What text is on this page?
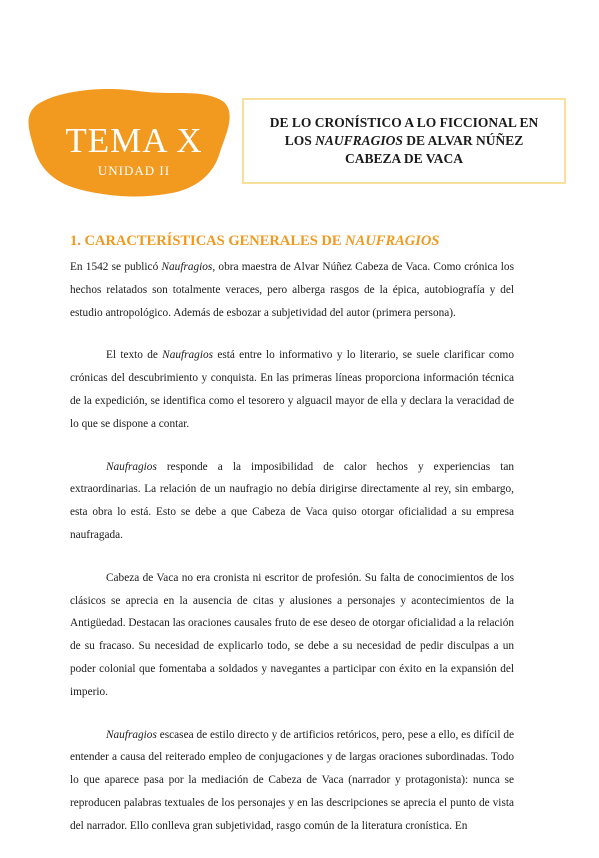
TEMA X
UNIDAD II
DE LO CRONÍSTICO A LO FICCIONAL EN
LOS NAUFRAGIOS DE ALVAR NÚÑEZ
CABEZA DE VACA
1. CARACTERÍSTICAS GENERALES DE NAUFRAGIOS

En 1542 se publicó Naufragios, obra maestra de Alvar Núñez Cabeza de Vaca. Como crónica los hechos relatados son totalmente veraces, pero alberga rasgos de la épica, autobiografía y del estudio antropológico. Además de esbozar a subjetividad del autor (primera persona).

El texto de Naufragios está entre lo informativo y lo literario, se suele clarificar como crónicas del descubrimiento y conquista. En las primeras líneas proporciona información técnica de la expedición, se identifica como el tesorero y alguacil mayor de ella y declara la veracidad de lo que se dispone a contar.

Naufragios responde a la imposibilidad de calor hechos y experiencias tan extraordinarias. La relación de un naufragio no debía dirigirse directamente al rey, sin embargo, esta obra lo está. Esto se debe a que Cabeza de Vaca quiso otorgar oficialidad a su empresa naufragada.

Cabeza de Vaca no era cronista ni escritor de profesión. Su falta de conocimientos de los clásicos se aprecia en la ausencia de citas y alusiones a personajes y acontecimientos de la Antigüedad. Destacan las oraciones causales fruto de ese deseo de otorgar oficialidad a la relación de su fracaso. Su necesidad de explicarlo todo, se debe a su necesidad de pedir disculpas a un poder colonial que fomentaba a soldados y navegantes a participar con éxito en la expansión del imperio.

Naufragios escasea de estilo directo y de artificios retóricos, pero, pese a ello, es difícil de entender a causa del reiterado empleo de conjugaciones y de largas oraciones subordinadas. Todo lo que aparece pasa por la mediación de Cabeza de Vaca (narrador y protagonista): nunca se reproducen palabras textuales de los personajes y en las descripciones se aprecia el punto de vista del narrador. Ello conlleva gran subjetividad, rasgo común de la literatura cronística. En
